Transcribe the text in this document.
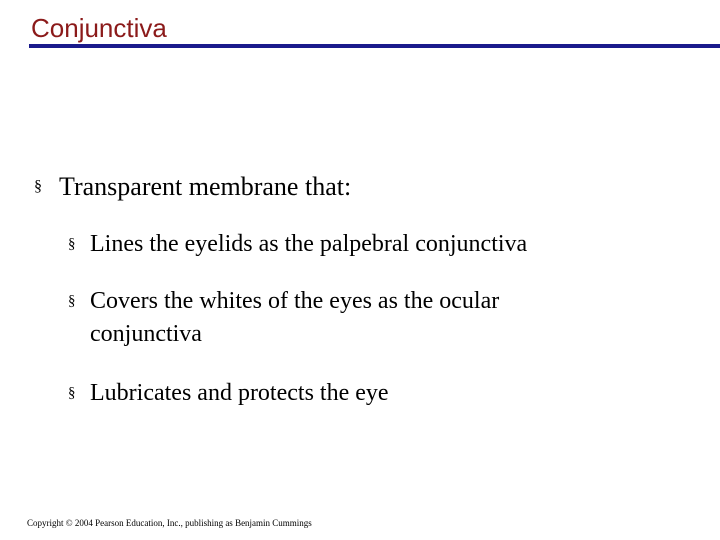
Conjunctiva
§ Transparent membrane that:
§ Lines the eyelids as the palpebral conjunctiva
§ Covers the whites of the eyes as the ocular conjunctiva
§ Lubricates and protects the eye
Copyright © 2004 Pearson Education, Inc., publishing as Benjamin Cummings
